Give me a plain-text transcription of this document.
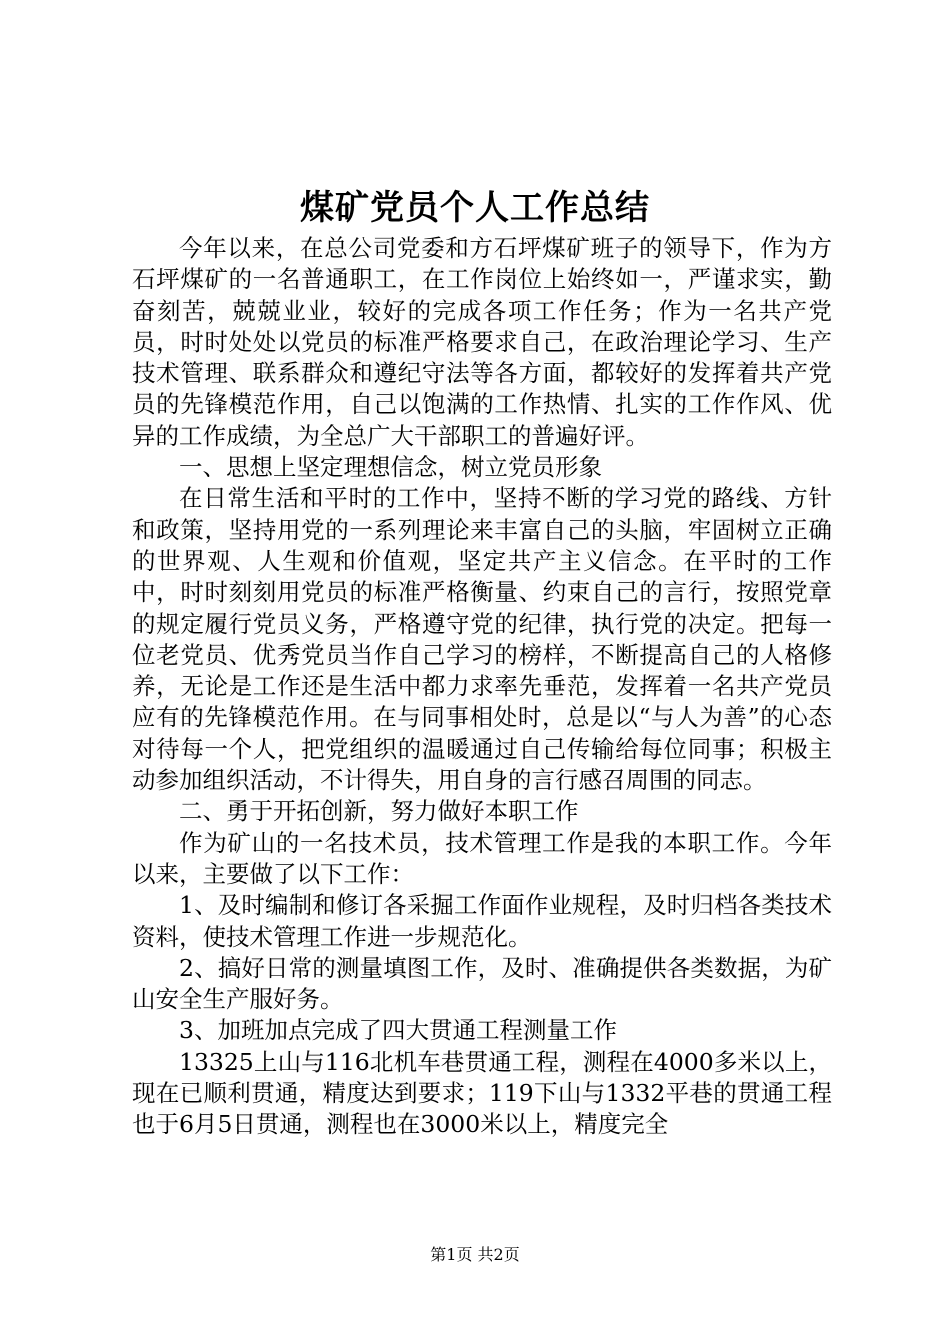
煤矿党员个人工作总结

今年以来，在总公司党委和方石坪煤矿班子的领导下，作为方石坪煤矿的一名普通职工，在工作岗位上始终如一，严谨求实，勤奋刻苦，兢兢业业，较好的完成各项工作任务；作为一名共产党员，时时处处以党员的标准严格要求自己，在政治理论学习、生产技术管理、联系群众和遵纪守法等各方面，都较好的发挥着共产党员的先锋模范作用，自己以饱满的工作热情、扎实的工作作风、优异的工作成绩，为全总广大干部职工的普遍好评。

一、思想上坚定理想信念，树立党员形象

在日常生活和平时的工作中，坚持不断的学习党的路线、方针和政策，坚持用党的一系列理论来丰富自己的头脑，牢固树立正确的世界观、人生观和价值观，坚定共产主义信念。在平时的工作中，时时刻刻用党员的标准严格衡量、约束自己的言行，按照党章的规定履行党员义务，严格遵守党的纪律，执行党的决定。把每一位老党员、优秀党员当作自己学习的榜样，不断提高自己的人格修养，无论是工作还是生活中都力求率先垂范，发挥着一名共产党员应有的先锋模范作用。在与同事相处时，总是以“与人为善”的心态对待每一个人，把党组织的温暖通过自己传输给每位同事；积极主动参加组织活动，不计得失，用自身的言行感召周围的同志。

二、勇于开拓创新，努力做好本职工作

作为矿山的一名技术员，技术管理工作是我的本职工作。今年以来，主要做了以下工作：

1、及时编制和修订各采掘工作面作业规程，及时归档各类技术资料，使技术管理工作进一步规范化。

2、搞好日常的测量填图工作，及时、准确提供各类数据，为矿山安全生产服好务。

3、加班加点完成了四大贯通工程测量工作

13325上山与116北机车巷贯通工程，测程在4000多米以上，现在已顺利贯通，精度达到要求；119下山与1332平巷的贯通工程也于6月5日贯通，测程也在3000米以上，精度完全

第1页 共2页
